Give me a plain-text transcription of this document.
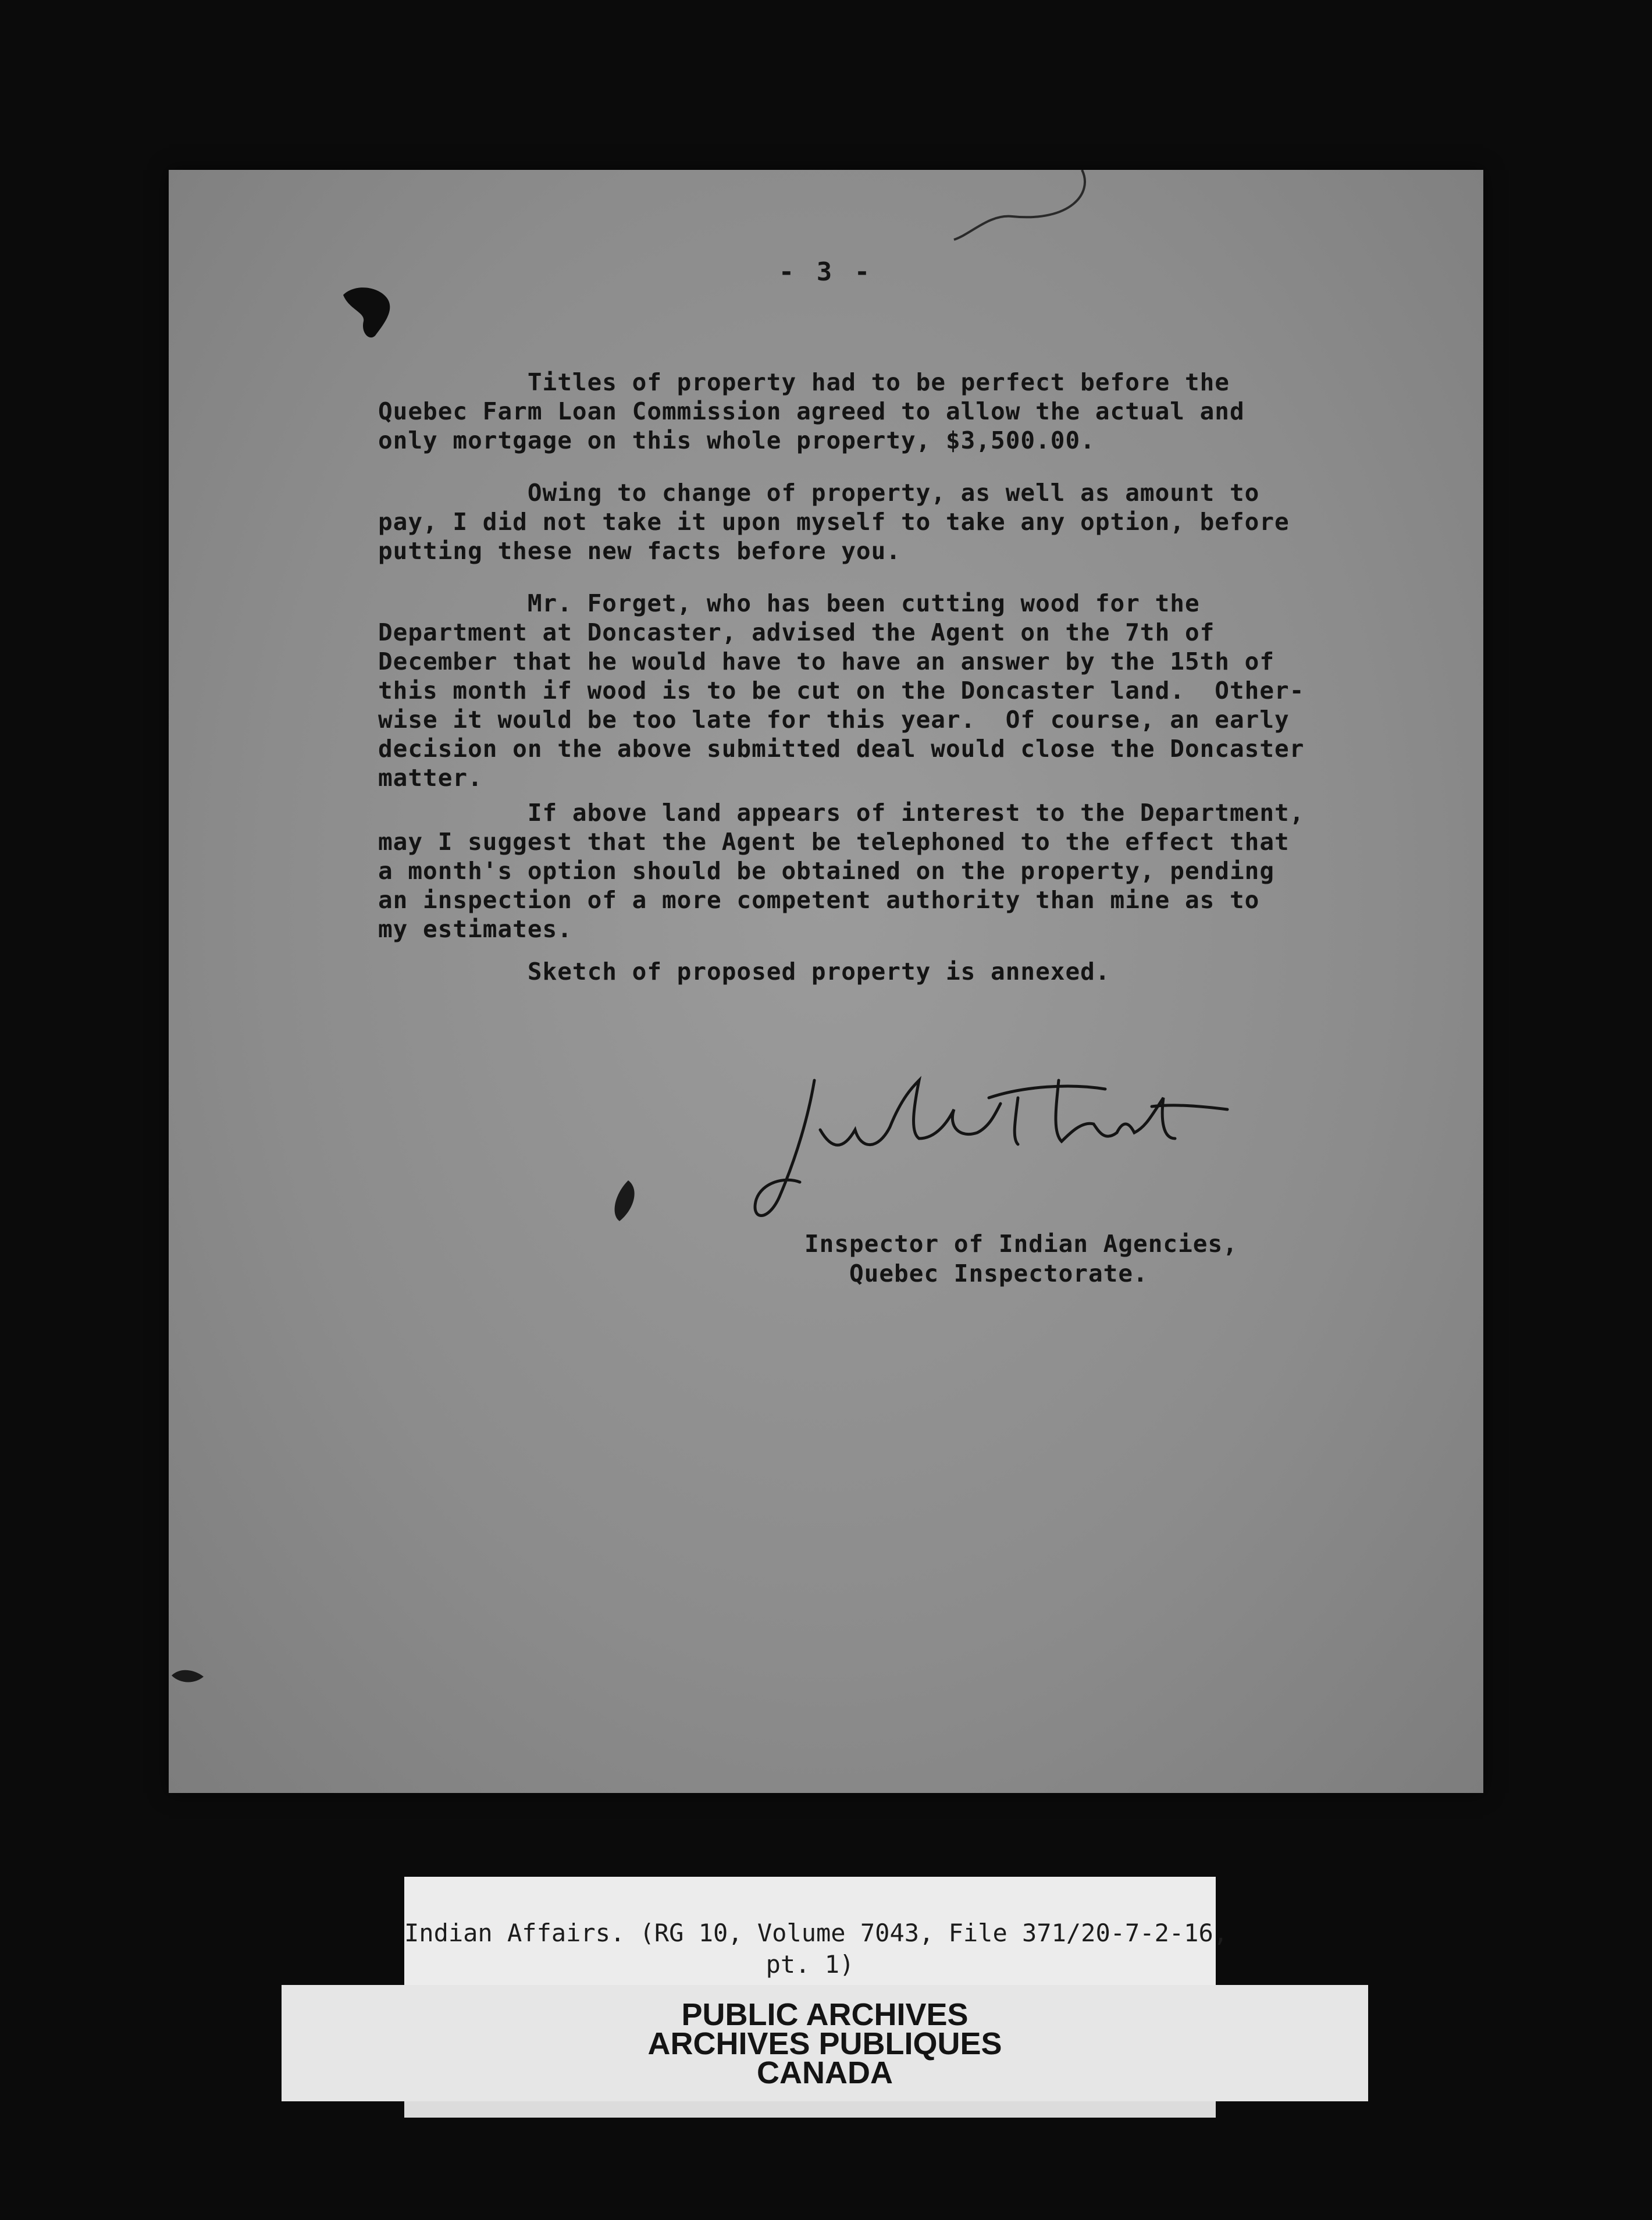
- 3 -

Titles of property had to be perfect before the
Quebec Farm Loan Commission agreed to allow the actual and
only mortgage on this whole property, $3,500.00.

Owing to change of property, as well as amount to
pay, I did not take it upon myself to take any option, before
putting these new facts before you.

Mr. Forget, who has been cutting wood for the
Department at Doncaster, advised the Agent on the 7th of
December that he would have to have an answer by the 15th of
this month if wood is to be cut on the Doncaster land.  Other-
wise it would be too late for this year.  Of course, an early
decision on the above submitted deal would close the Doncaster
matter.

If above land appears of interest to the Department,
may I suggest that the Agent be telephoned to the effect that
a month's option should be obtained on the property, pending
an inspection of a more competent authority than mine as to
my estimates.

Sketch of proposed property is annexed.

Inspector of Indian Agencies,
Quebec Inspectorate.
Indian Affairs. (RG 10, Volume 7043, File 371/20-7-2-16,
pt. 1)
PUBLIC ARCHIVES
ARCHIVES PUBLIQUES
CANADA
